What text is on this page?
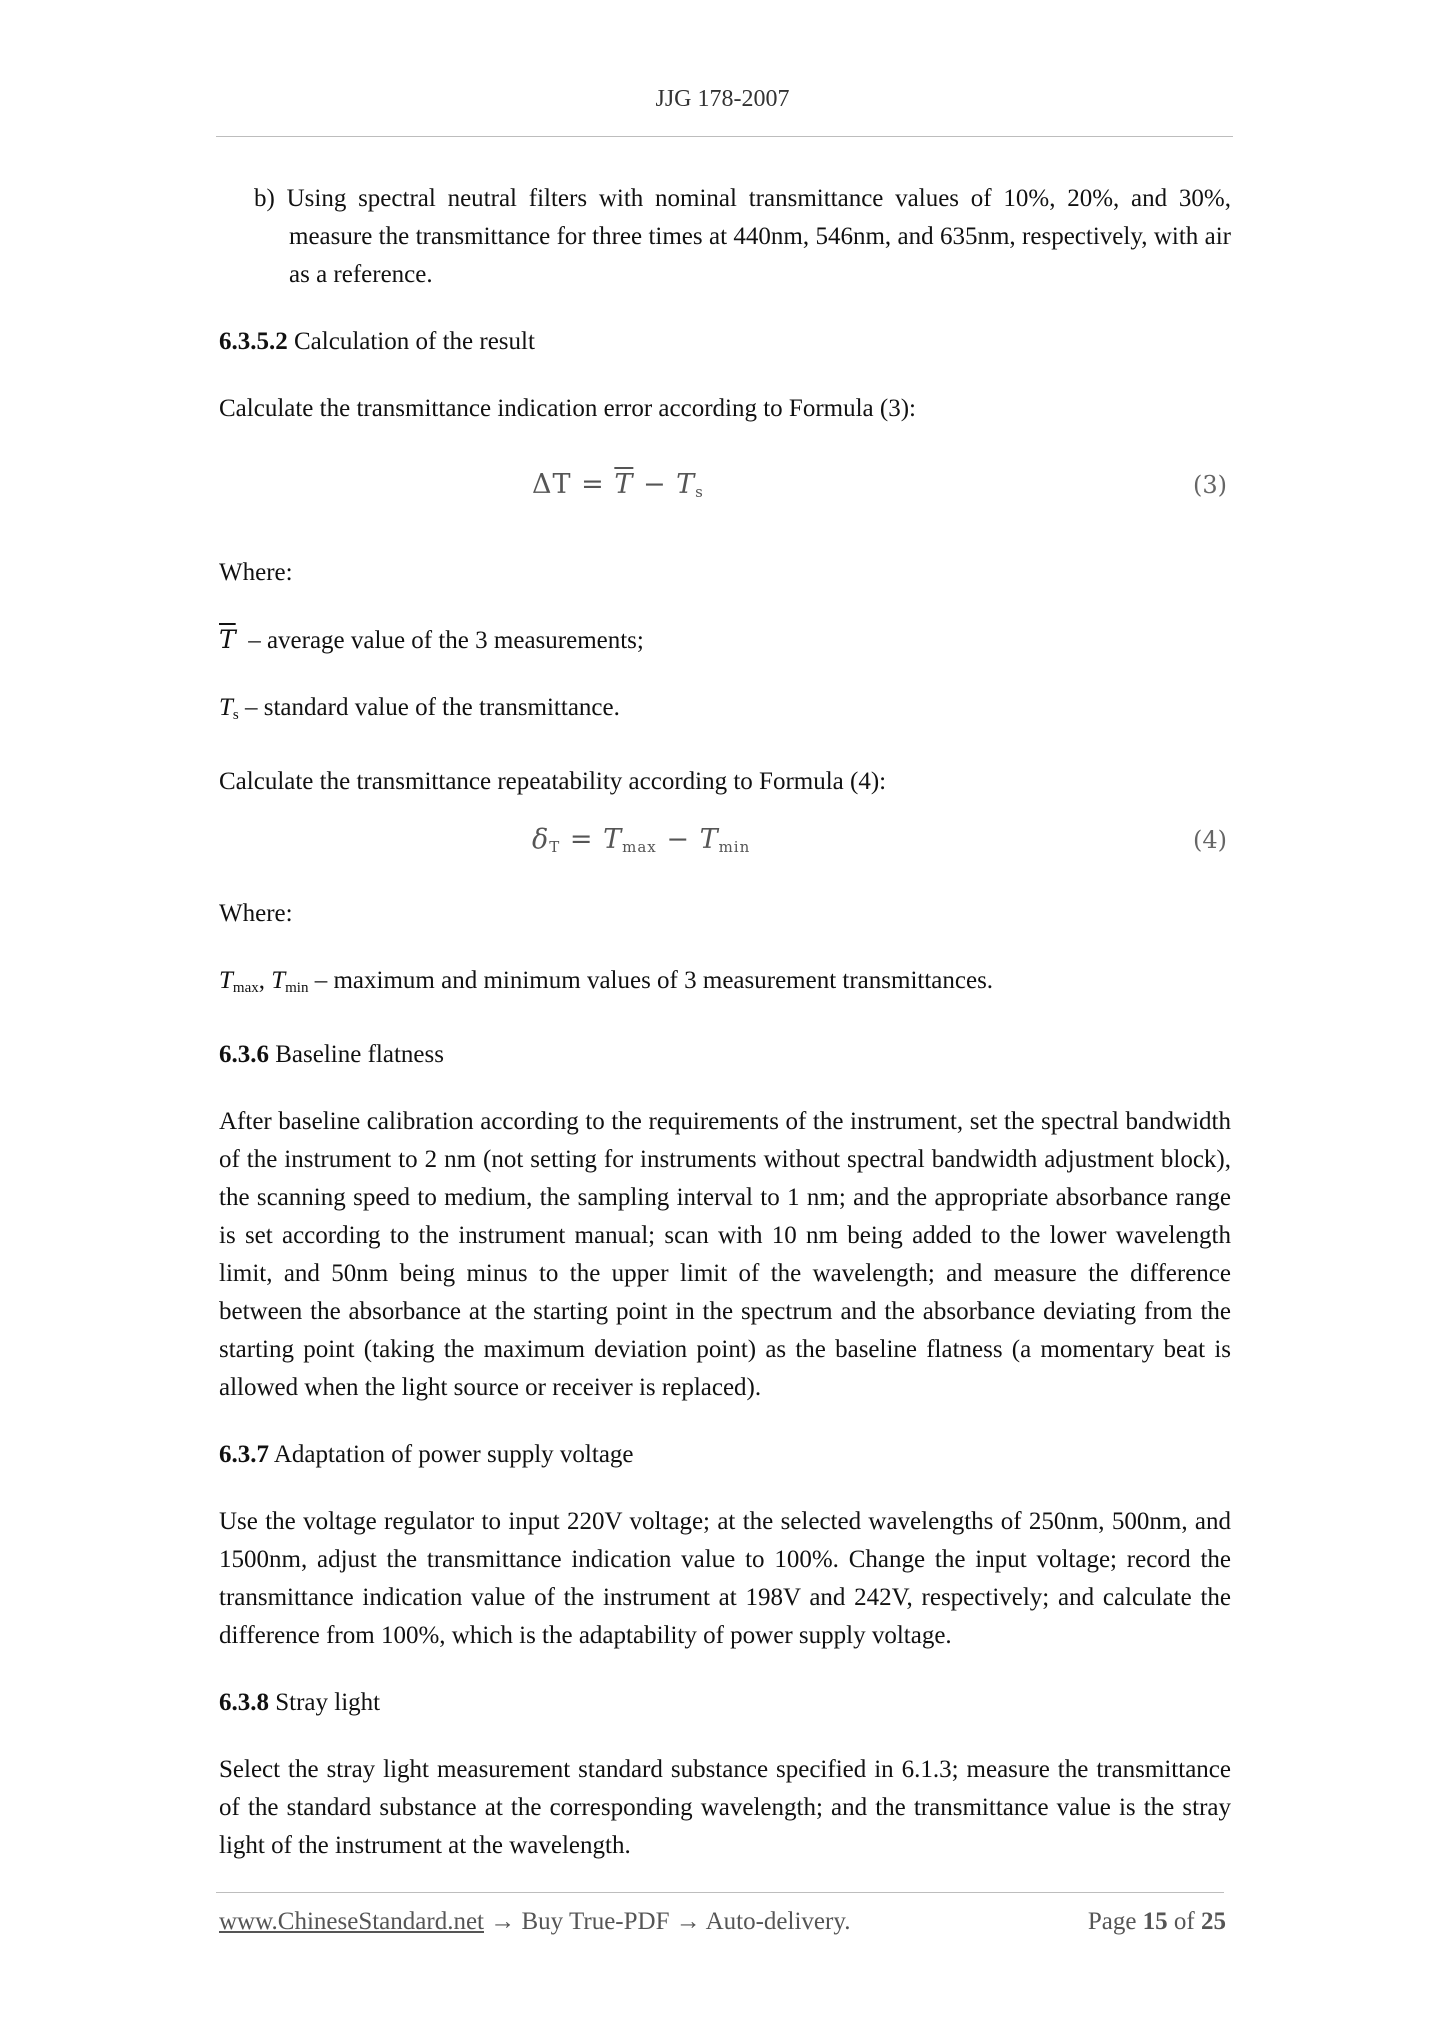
JJG 178-2007

b) Using spectral neutral filters with nominal transmittance values of 10%, 20%, and 30%, measure the transmittance for three times at 440nm, 546nm, and 635nm, respectively, with air as a reference.

6.3.5.2 Calculation of the result

Calculate the transmittance indication error according to Formula (3):

$\Delta T = \overline{T} - T_s$	(3)

Where:

$\overline{T}$ – average value of the 3 measurements;

$T_s$ – standard value of the transmittance.

Calculate the transmittance repeatability according to Formula (4):

$\delta_T = T_{max} - T_{min}$	(4)

Where:

$T_{max}$, $T_{min}$ – maximum and minimum values of 3 measurement transmittances.

6.3.6 Baseline flatness

After baseline calibration according to the requirements of the instrument, set the spectral bandwidth of the instrument to 2 nm (not setting for instruments without spectral bandwidth adjustment block), the scanning speed to medium, the sampling interval to 1 nm; and the appropriate absorbance range is set according to the instrument manual; scan with 10 nm being added to the lower wavelength limit, and 50nm being minus to the upper limit of the wavelength; and measure the difference between the absorbance at the starting point in the spectrum and the absorbance deviating from the starting point (taking the maximum deviation point) as the baseline flatness (a momentary beat is allowed when the light source or receiver is replaced).

6.3.7 Adaptation of power supply voltage

Use the voltage regulator to input 220V voltage; at the selected wavelengths of 250nm, 500nm, and 1500nm, adjust the transmittance indication value to 100%. Change the input voltage; record the transmittance indication value of the instrument at 198V and 242V, respectively; and calculate the difference from 100%, which is the adaptability of power supply voltage.

6.3.8 Stray light

Select the stray light measurement standard substance specified in 6.1.3; measure the transmittance of the standard substance at the corresponding wavelength; and the transmittance value is the stray light of the instrument at the wavelength.

www.ChineseStandard.net → Buy True-PDF → Auto-delivery.	Page 15 of 25
